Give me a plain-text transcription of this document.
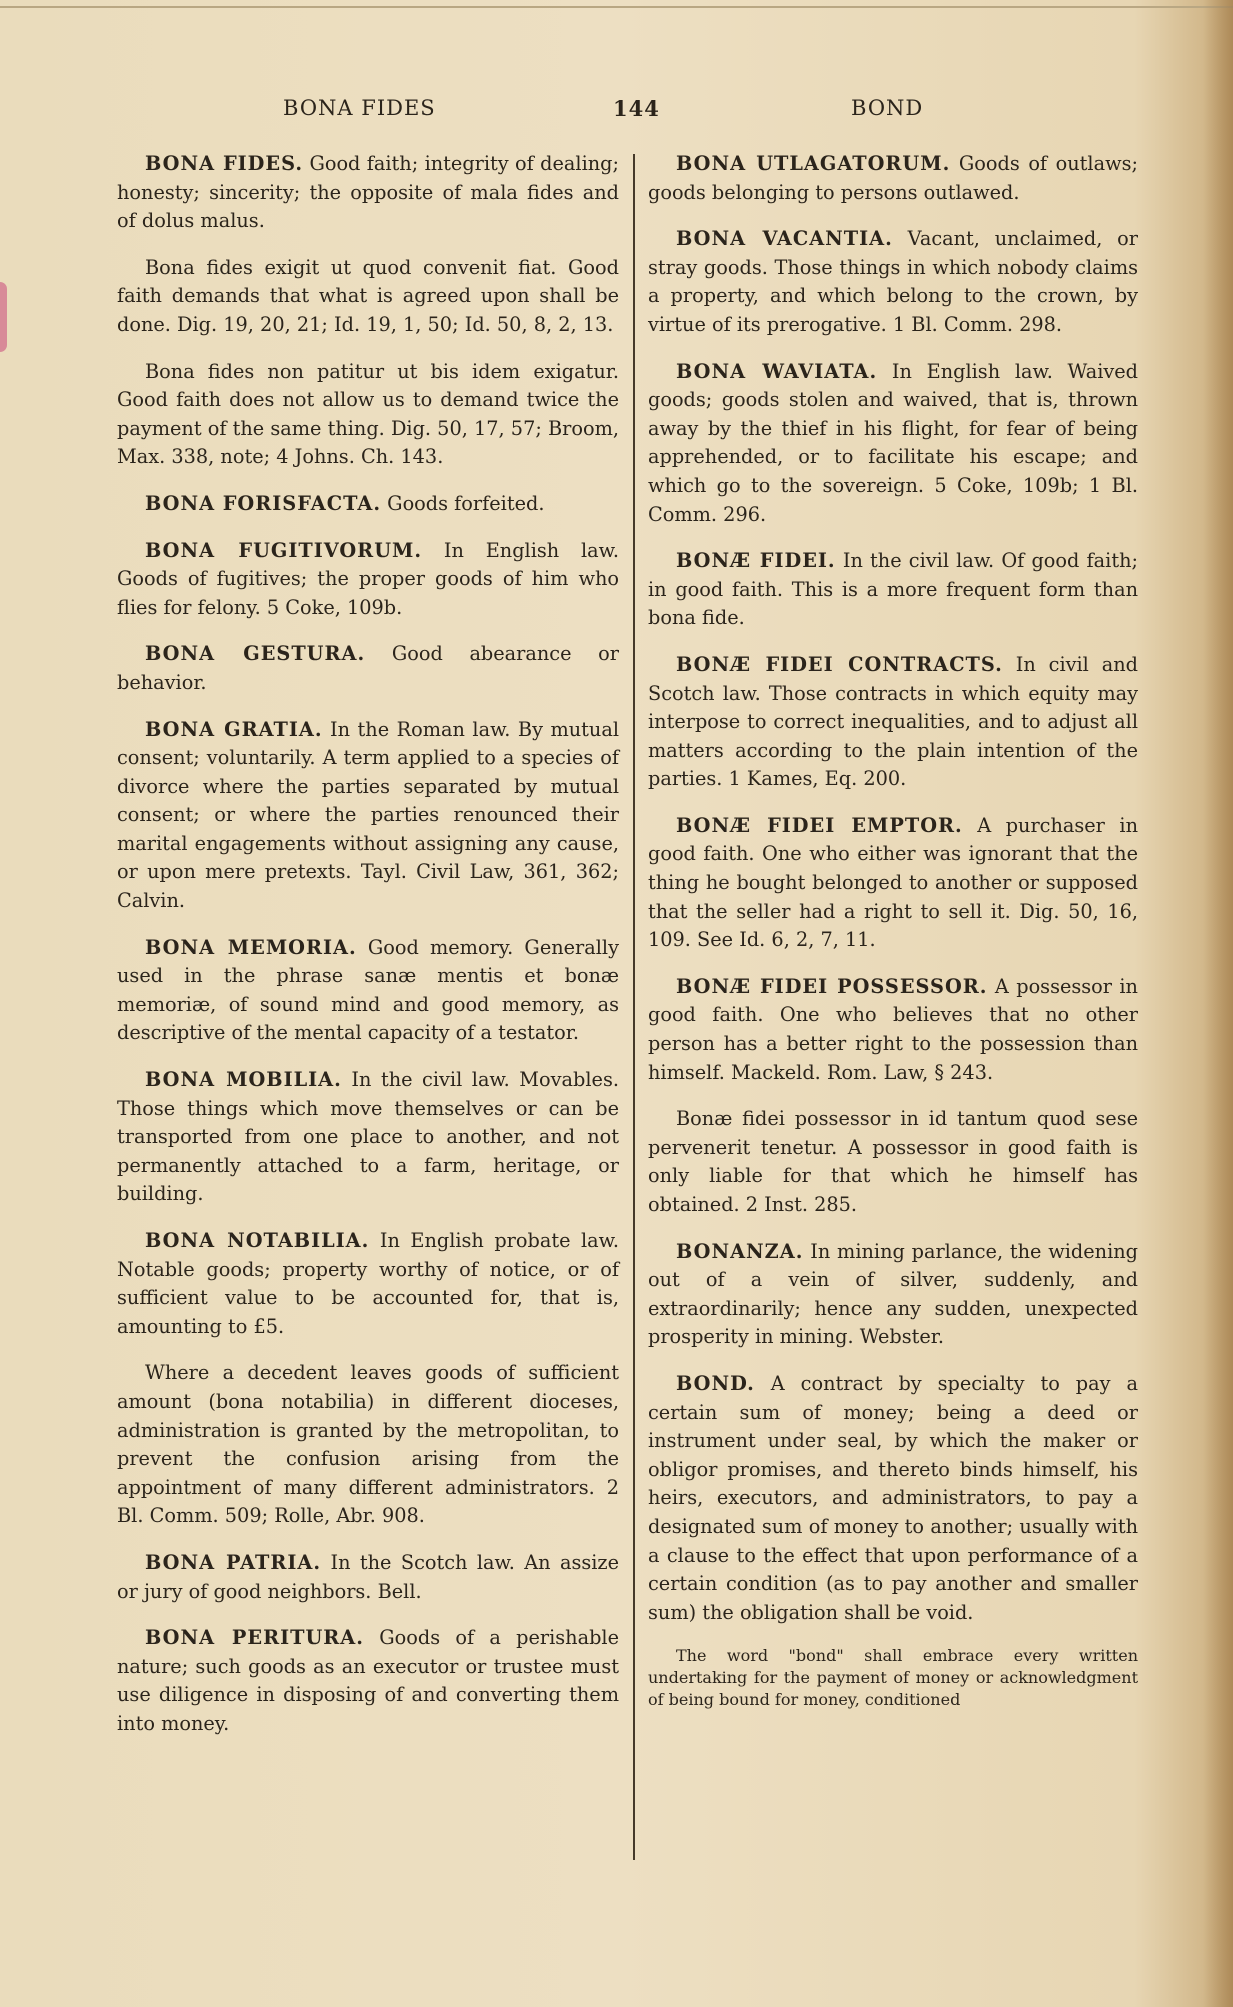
BONA FIDES	144	BOND

BONA FIDES. Good faith; integrity of dealing; honesty; sincerity; the opposite of mala fides and of dolus malus.

Bona fides exigit ut quod convenit fiat. Good faith demands that what is agreed upon shall be done. Dig. 19, 20, 21; Id. 19, 1, 50; Id. 50, 8, 2, 13.

Bona fides non patitur ut bis idem exigatur. Good faith does not allow us to demand twice the payment of the same thing. Dig. 50, 17, 57; Broom, Max. 338, note; 4 Johns. Ch. 143.

BONA FORISFACTA. Goods forfeited.

BONA FUGITIVORUM. In English law. Goods of fugitives; the proper goods of him who flies for felony. 5 Coke, 109b.

BONA GESTURA. Good abearance or behavior.

BONA GRATIA. In the Roman law. By mutual consent; voluntarily. A term applied to a species of divorce where the parties separated by mutual consent; or where the parties renounced their marital engagements without assigning any cause, or upon mere pretexts. Tayl. Civil Law, 361, 362; Calvin.

BONA MEMORIA. Good memory. Generally used in the phrase sanæ mentis et bonæ memoriæ, of sound mind and good memory, as descriptive of the mental capacity of a testator.

BONA MOBILIA. In the civil law. Movables. Those things which move themselves or can be transported from one place to another, and not permanently attached to a farm, heritage, or building.

BONA NOTABILIA. In English probate law. Notable goods; property worthy of notice, or of sufficient value to be accounted for, that is, amounting to £5.

Where a decedent leaves goods of sufficient amount (bona notabilia) in different dioceses, administration is granted by the metropolitan, to prevent the confusion arising from the appointment of many different administrators. 2 Bl. Comm. 509; Rolle, Abr. 908.

BONA PATRIA. In the Scotch law. An assize or jury of good neighbors. Bell.

BONA PERITURA. Goods of a perishable nature; such goods as an executor or trustee must use diligence in disposing of and converting them into money.

BONA UTLAGATORUM. Goods of outlaws; goods belonging to persons outlawed.

BONA VACANTIA. Vacant, unclaimed, or stray goods. Those things in which nobody claims a property, and which belong to the crown, by virtue of its prerogative. 1 Bl. Comm. 298.

BONA WAVIATA. In English law. Waived goods; goods stolen and waived, that is, thrown away by the thief in his flight, for fear of being apprehended, or to facilitate his escape; and which go to the sovereign. 5 Coke, 109b; 1 Bl. Comm. 296.

BONÆ FIDEI. In the civil law. Of good faith; in good faith. This is a more frequent form than bona fide.

BONÆ FIDEI CONTRACTS. In civil and Scotch law. Those contracts in which equity may interpose to correct inequalities, and to adjust all matters according to the plain intention of the parties. 1 Kames, Eq. 200.

BONÆ FIDEI EMPTOR. A purchaser in good faith. One who either was ignorant that the thing he bought belonged to another or supposed that the seller had a right to sell it. Dig. 50, 16, 109. See Id. 6, 2, 7, 11.

BONÆ FIDEI POSSESSOR. A possessor in good faith. One who believes that no other person has a better right to the possession than himself. Mackeld. Rom. Law, § 243.

Bonæ fidei possessor in id tantum quod sese pervenerit tenetur. A possessor in good faith is only liable for that which he himself has obtained. 2 Inst. 285.

BONANZA. In mining parlance, the widening out of a vein of silver, suddenly, and extraordinarily; hence any sudden, unexpected prosperity in mining. Webster.

BOND. A contract by specialty to pay a certain sum of money; being a deed or instrument under seal, by which the maker or obligor promises, and thereto binds himself, his heirs, executors, and administrators, to pay a designated sum of money to another; usually with a clause to the effect that upon performance of a certain condition (as to pay another and smaller sum) the obligation shall be void.

The word "bond" shall embrace every written undertaking for the payment of money or acknowledgment of being bound for money, conditioned
